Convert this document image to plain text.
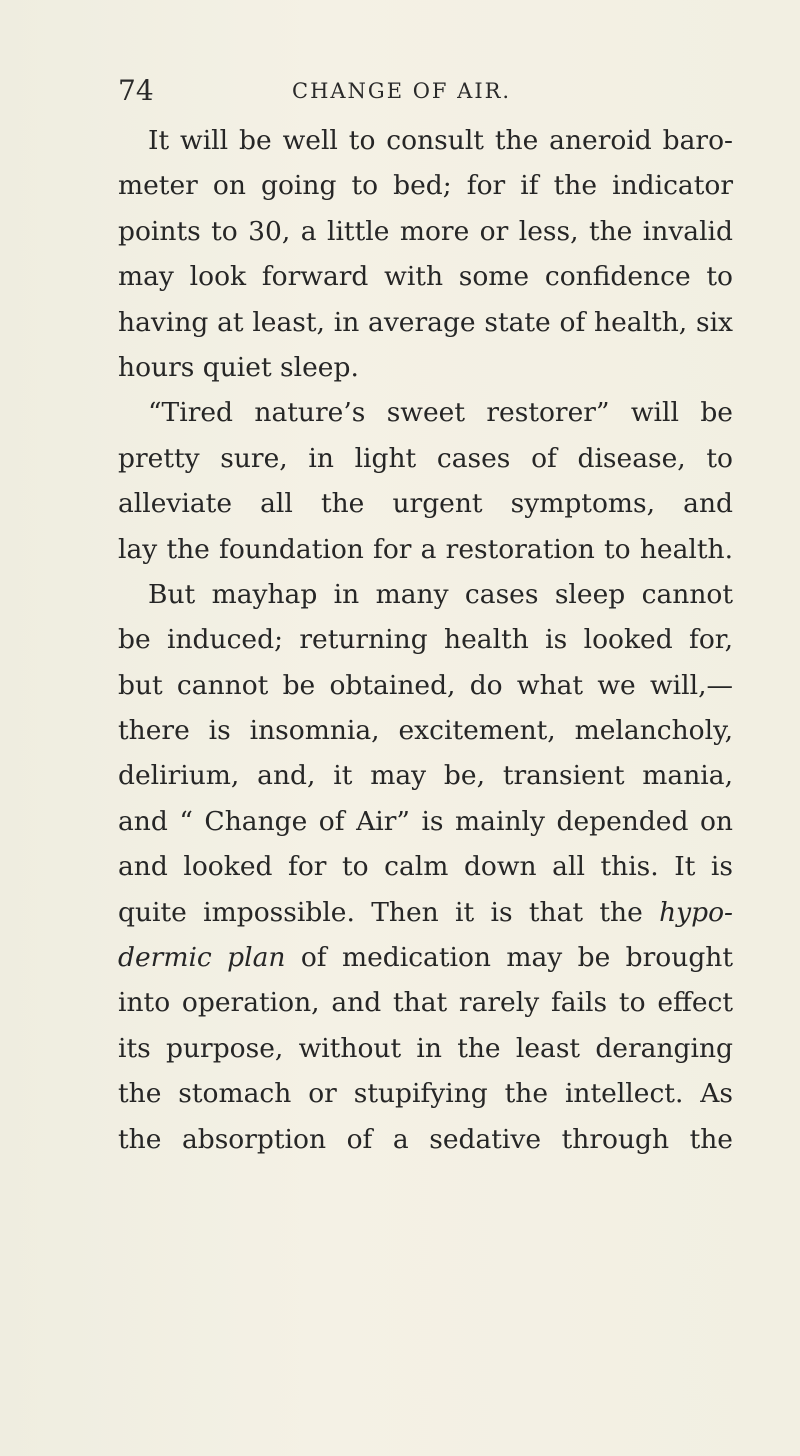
74	CHANGE OF AIR.
It will be well to consult the aneroid baro-
meter on going to bed; for if the indicator
points to 30, a little more or less, the invalid
may look forward with some confidence to
having at least, in average state of health, six
hours quiet sleep.
“Tired nature’s sweet restorer” will be
pretty sure, in light cases of disease, to
alleviate all the urgent symptoms, and
lay the foundation for a restoration to health.
But mayhap in many cases sleep cannot
be induced; returning health is looked for,
but cannot be obtained, do what we will,—
there is insomnia, excitement, melancholy,
delirium, and, it may be, transient mania,
and “ Change of Air” is mainly depended on
and looked for to calm down all this. It is
quite impossible. Then it is that the hypo-
dermic plan of medication may be brought
into operation, and that rarely fails to effect
its purpose, without in the least deranging
the stomach or stupifying the intellect. As
the absorption of a sedative through the
